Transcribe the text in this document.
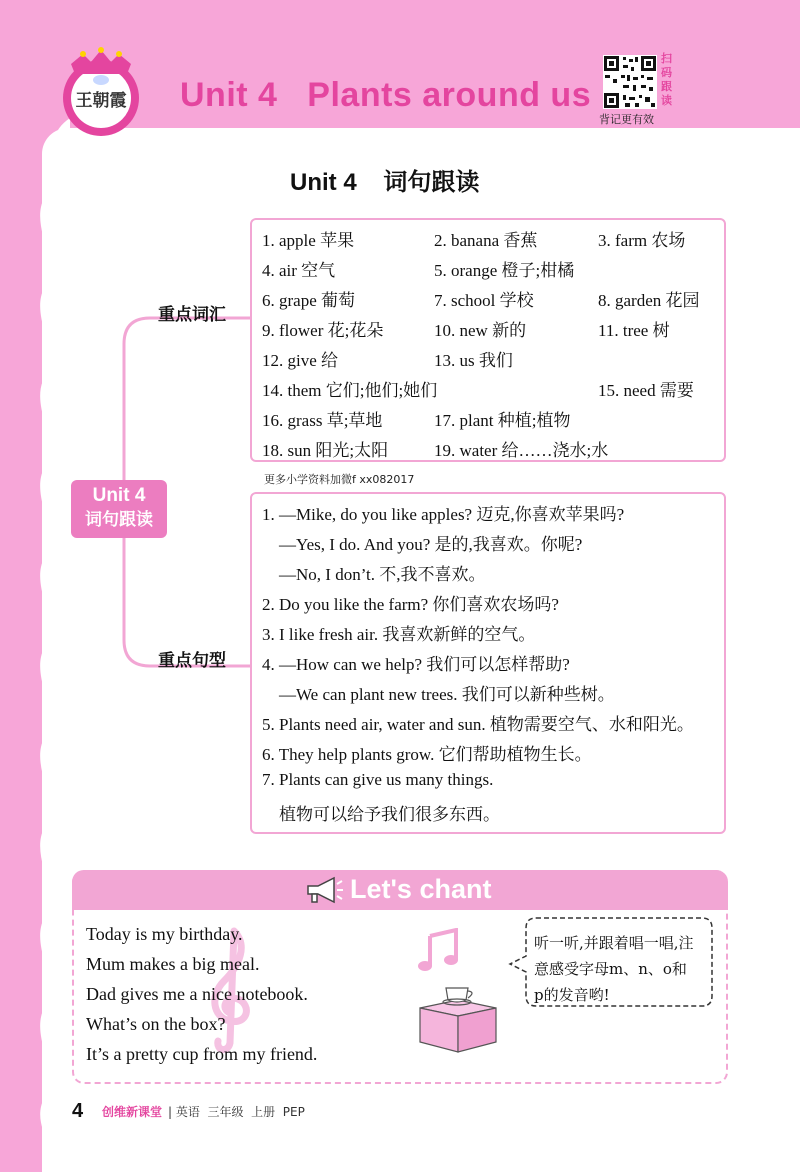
王朝霞 Unit 4   Plants around us
扫
码
跟
读
背记更有效
Unit 4    词句跟读
重点词汇
重点句型
Unit 4
词句跟读
1. apple 苹果	2. banana 香蕉	3. farm 农场
4. air 空气	5. orange 橙子;柑橘
6. grape 葡萄	7. school 学校	8. garden 花园
9. flower 花;花朵	10. new 新的	11. tree 树
12. give 给	13. us 我们
14. them 它们;他们;她们	15. need 需要
16. grass 草;草地	17. plant 种植;植物
18. sun 阳光;太阳	19. water 给……浇水;水
更多小学资料加微f xx082017
1. —Mike, do you like apples? 迈克,你喜欢苹果吗?
—Yes, I do. And you? 是的,我喜欢。你呢?
—No, I don’t. 不,我不喜欢。
2. Do you like the farm? 你们喜欢农场吗?
3. I like fresh air. 我喜欢新鲜的空气。
4. —How can we help? 我们可以怎样帮助?
—We can plant new trees. 我们可以新种些树。
5. Plants need air, water and sun. 植物需要空气、水和阳光。
6. They help plants grow. 它们帮助植物生长。
7. Plants can give us many things.
植物可以给予我们很多东西。
Let's chant
Today is my birthday.
Mum makes a big meal.
Dad gives me a nice notebook.
What’s on the box?
It’s a pretty cup from my friend.
听一听,并跟着唱一唱,注意感受字母m、n、o和p的发音哟!
4 创维新课堂 | 英语  三年级  上册  PEP
